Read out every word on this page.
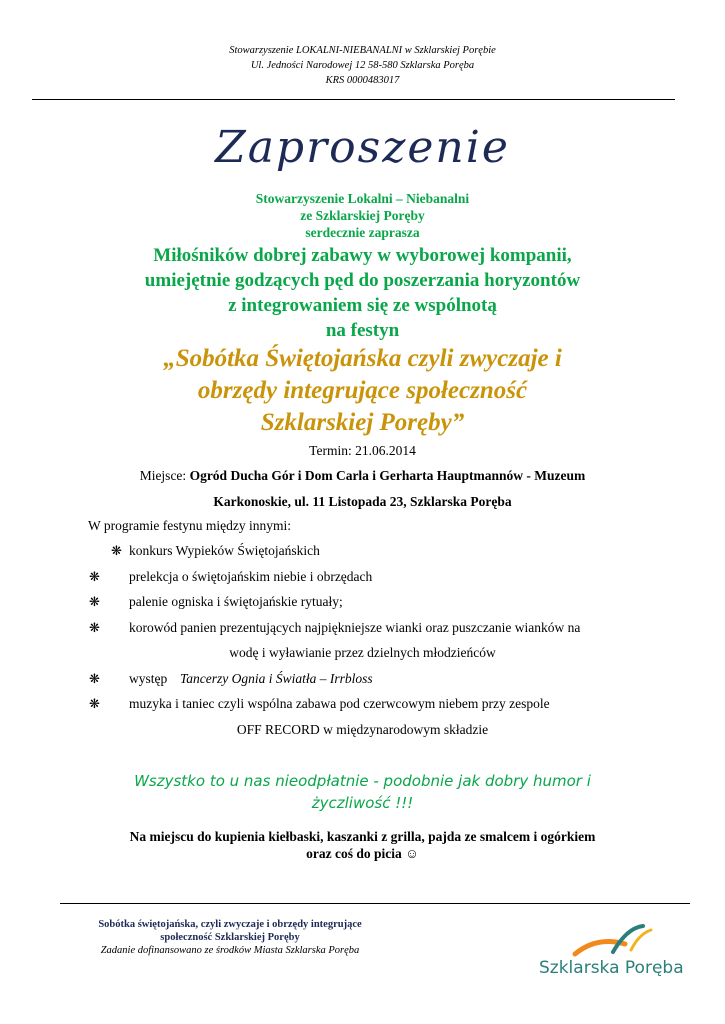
Stowarzyszenie LOKALNI-NIEBANALNI w Szklarskiej Porębie
Ul. Jedności Narodowej 12 58-580 Szklarska Poręba
KRS 0000483017
Zaproszenie
Stowarzyszenie Lokalni – Niebanalni
ze Szklarskiej Poręby
serdecznie zaprasza
Miłośników dobrej zabawy w wyborowej kompanii,
umiejętnie godzących pęd do poszerzania horyzontów
z integrowaniem się ze wspólnotą
na festyn
„Sobótka Świętojańska czyli zwyczaje i
obrzędy integrujące społeczność
Szklarskiej Poręby”
Termin: 21.06.2014
Miejsce: Ogród Ducha Gór i Dom Carla i Gerharta Hauptmannów - Muzeum
Karkonoskie, ul. 11 Listopada 23, Szklarska Poręba
W programie festynu między innymi:
❋ konkurs Wypieków Świętojańskich
❋ prelekcja o świętojańskim niebie i obrzędach
❋ palenie ogniska i świętojańskie rytuały;
❋ korowód panien prezentujących najpiękniejsze wianki oraz puszczanie wianków na
wodę i wyławianie przez dzielnych młodzieńców
❋ występ Tancerzy Ognia i Światła – Irrbloss
❋ muzyka i taniec czyli wspólna zabawa pod czerwcowym niebem przy zespole
OFF RECORD w międzynarodowym składzie
Wszystko to u nas nieodpłatnie - podobnie jak dobry humor i
życzliwość !!!
Na miejscu do kupienia kiełbaski, kaszanki z grilla, pajda ze smalcem i ogórkiem
oraz coś do picia ☺
Sobótka świętojańska, czyli zwyczaje i obrzędy integrujące
społeczność Szklarskiej Poręby
Zadanie dofinansowano ze środków Miasta Szklarska Poręba
Szklarska Poręba
